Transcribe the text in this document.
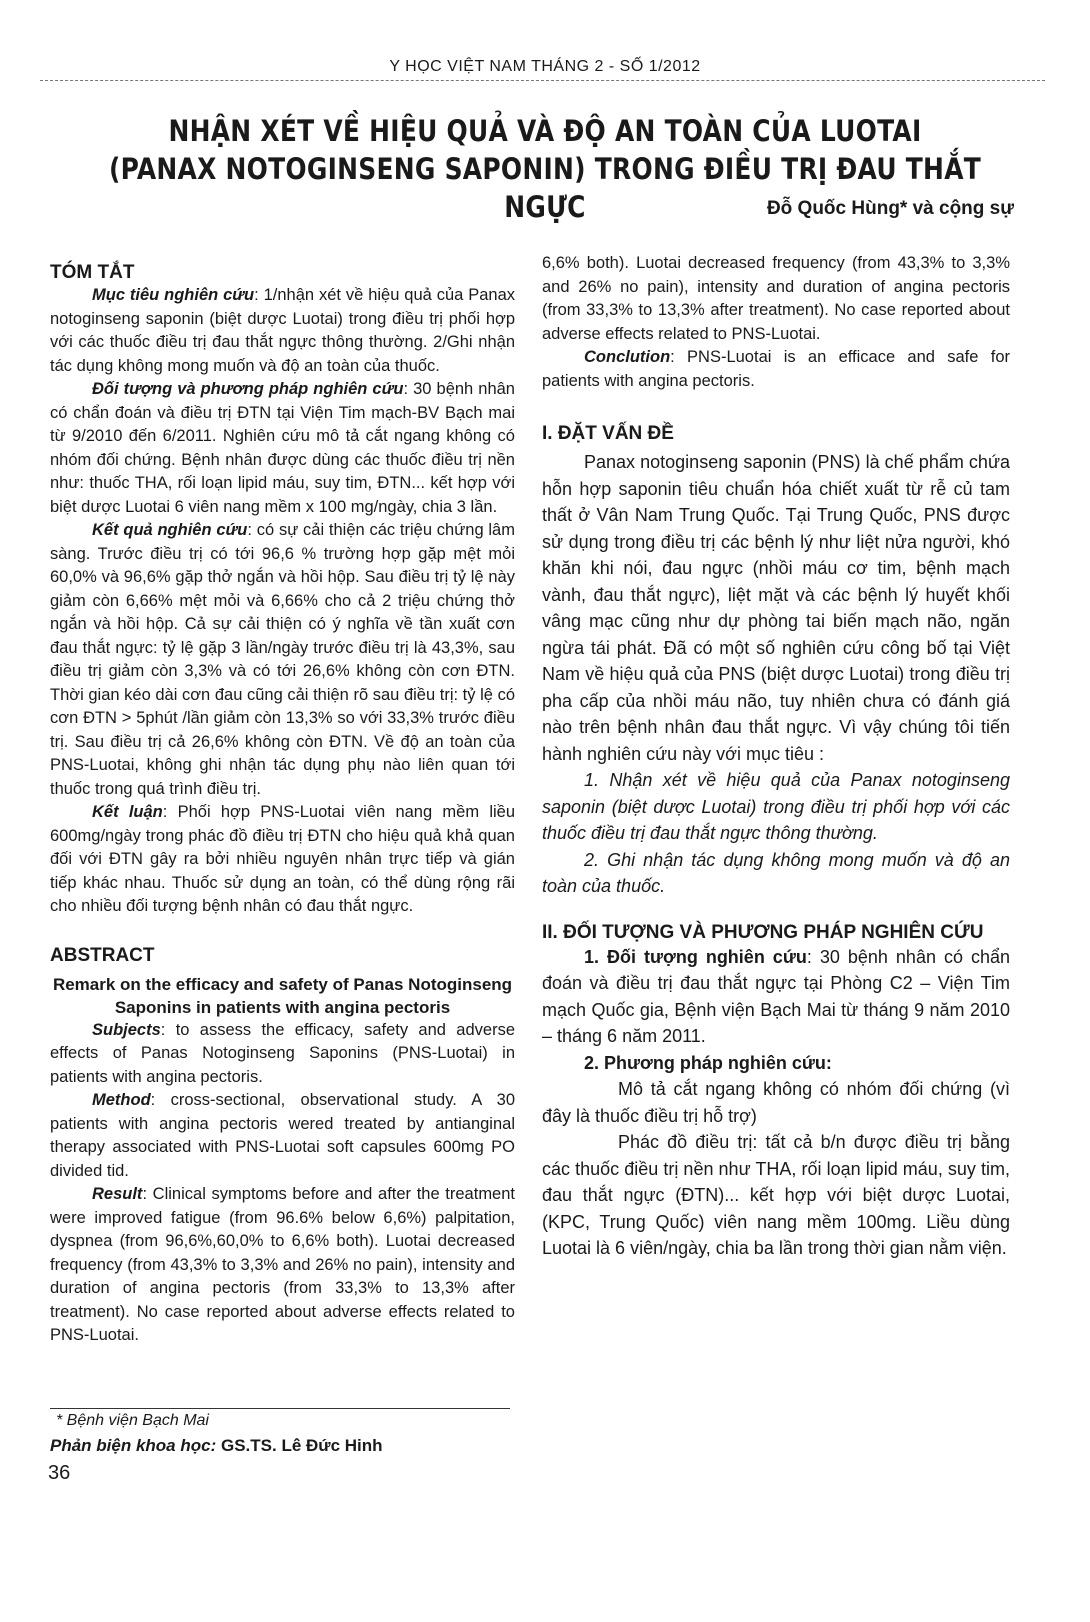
Y HỌC VIỆT NAM THÁNG 2 - SỐ 1/2012
NHẬN XÉT VỀ HIỆU QUẢ VÀ ĐỘ AN TOÀN CỦA LUOTAI
(PANAX NOTOGINSENG SAPONIN) TRONG ĐIỀU TRỊ ĐAU THẮT NGỰC	Đỗ Quốc Hùng* và cộng sự

TÓM TẮT

Mục tiêu nghiên cứu: 1/nhận xét về hiệu quả của Panax notoginseng saponin (biệt dược Luotai) trong điều trị phối hợp với các thuốc điều trị đau thắt ngực thông thường. 2/Ghi nhận tác dụng không mong muốn và độ an toàn của thuốc.

Đối tượng và phương pháp nghiên cứu: 30 bệnh nhân có chẩn đoán và điều trị ĐTN tại Viện Tim mạch-BV Bạch mai từ 9/2010 đến 6/2011. Nghiên cứu mô tả cắt ngang không có nhóm đối chứng. Bệnh nhân được dùng các thuốc điều trị nền như: thuốc THA, rối loạn lipid máu, suy tim, ĐTN... kết hợp với biệt dược Luotai 6 viên nang mềm x 100 mg/ngày, chia 3 lần.

Kết quả nghiên cứu: có sự cải thiện các triệu chứng lâm sàng. Trước điều trị có tới 96,6 % trường hợp gặp mệt mỏi 60,0% và 96,6% gặp thở ngắn và hồi hộp. Sau điều trị tỷ lệ này giảm còn 6,66% mệt mỏi và 6,66% cho cả 2 triệu chứng thở ngắn và hồi hộp. Cả sự cải thiện có ý nghĩa về tần xuất cơn đau thắt ngực: tỷ lệ gặp 3 lần/ngày trước điều trị là 43,3%, sau điều trị giảm còn 3,3% và có tới 26,6% không còn cơn ĐTN. Thời gian kéo dài cơn đau cũng cải thiện rõ sau điều trị: tỷ lệ có cơn ĐTN > 5phút /lần giảm còn 13,3% so với 33,3% trước điều trị. Sau điều trị cả 26,6% không còn ĐTN. Về độ an toàn của PNS-Luotai, không ghi nhận tác dụng phụ nào liên quan tới thuốc trong quá trình điều trị.

Kết luận: Phối hợp PNS-Luotai viên nang mềm liều 600mg/ngày trong phác đồ điều trị ĐTN cho hiệu quả khả quan đối với ĐTN gây ra bởi nhiều nguyên nhân trực tiếp và gián tiếp khác nhau. Thuốc sử dụng an toàn, có thể dùng rộng rãi cho nhiều đối tượng bệnh nhân có đau thắt ngực.

ABSTRACT

Remark on the efficacy and safety of Panas Notoginseng Saponins in patients with angina pectoris

Subjects: to assess the efficacy, safety and adverse effects of Panas Notoginseng Saponins (PNS-Luotai) in patients with angina pectoris.

Method: cross-sectional, observational study. A 30 patients with angina pectoris wered treated by antianginal therapy associated with PNS-Luotai soft capsules 600mg PO divided tid.

Result: Clinical symptoms before and after the treatment were improved fatigue (from 96.6% below 6,6%) palpitation, dyspnea (from 96,6%,60,0% to 6,6% both). Luotai decreased frequency (from 43,3% to 3,3% and 26% no pain), intensity and duration of angina pectoris (from 33,3% to 13,3% after treatment). No case reported about adverse effects related to PNS-Luotai.

* Bệnh viện Bạch Mai
Phản biện khoa học: GS.TS. Lê Đức Hinh
36

6,6% both). Luotai decreased frequency (from 43,3% to 3,3% and 26% no pain), intensity and duration of angina pectoris (from 33,3% to 13,3% after treatment). No case reported about adverse effects related to PNS-Luotai.

Conclution: PNS-Luotai is an efficace and safe for patients with angina pectoris.

I. ĐẶT VẤN ĐỀ

Panax notoginseng saponin (PNS) là chế phẩm chứa hỗn hợp saponin tiêu chuẩn hóa chiết xuất từ rễ củ tam thất ở Vân Nam Trung Quốc. Tại Trung Quốc, PNS được sử dụng trong điều trị các bệnh lý như liệt nửa người, khó khăn khi nói, đau ngực (nhồi máu cơ tim, bệnh mạch vành, đau thắt ngực), liệt mặt và các bệnh lý huyết khối vâng mạc cũng như dự phòng tai biến mạch não, ngăn ngừa tái phát. Đã có một số nghiên cứu công bố tại Việt Nam về hiệu quả của PNS (biệt dược Luotai) trong điều trị pha cấp của nhồi máu não, tuy nhiên chưa có đánh giá nào trên bệnh nhân đau thắt ngực. Vì vậy chúng tôi tiến hành nghiên cứu này với mục tiêu :

1. Nhận xét về hiệu quả của Panax notoginseng saponin (biệt dược Luotai) trong điều trị phối hợp với các thuốc điều trị đau thắt ngực thông thường.

2. Ghi nhận tác dụng không mong muốn và độ an toàn của thuốc.

II. ĐỐI TƯỢNG VÀ PHƯƠNG PHÁP NGHIÊN CỨU

1. Đối tượng nghiên cứu: 30 bệnh nhân có chẩn đoán và điều trị đau thắt ngực tại Phòng C2 – Viện Tim mạch Quốc gia, Bệnh viện Bạch Mai từ tháng 9 năm 2010 – tháng 6 năm 2011.

2. Phương pháp nghiên cứu:

Mô tả cắt ngang không có nhóm đối chứng (vì đây là thuốc điều trị hỗ trợ)

Phác đồ điều trị: tất cả b/n được điều trị bằng các thuốc điều trị nền như THA, rối loạn lipid máu, suy tim, đau thắt ngực (ĐTN)... kết hợp với biệt dược Luotai, (KPC, Trung Quốc) viên nang mềm 100mg. Liều dùng Luotai là 6 viên/ngày, chia ba lần trong thời gian nằm viện.
